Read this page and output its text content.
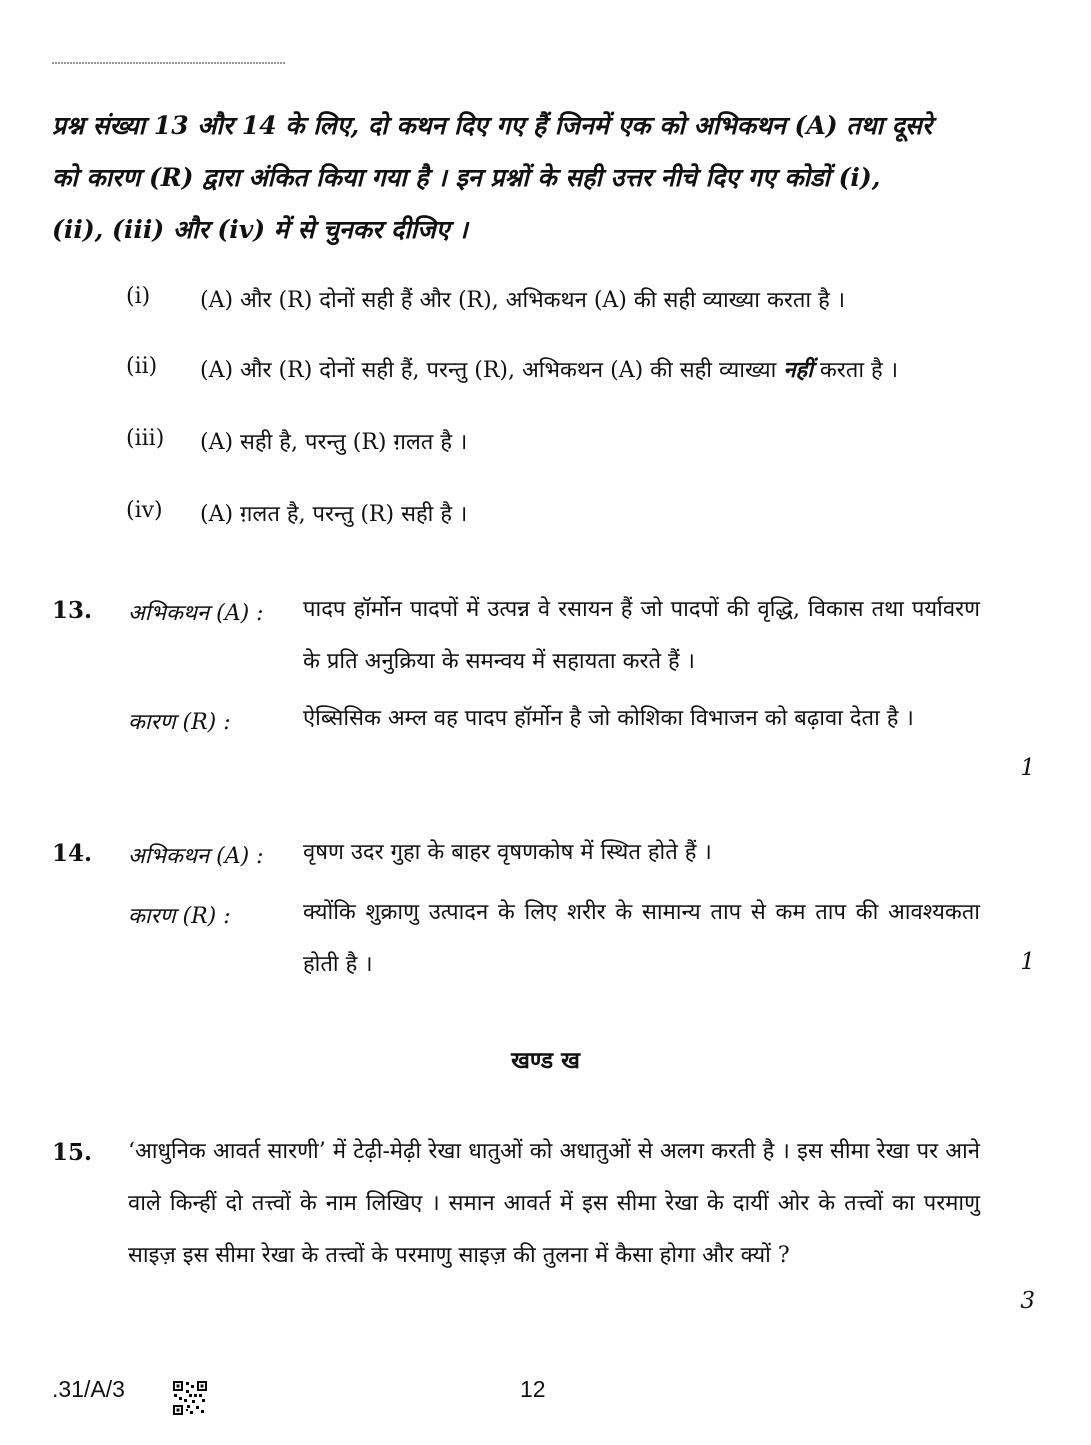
प्रश्न संख्या 13 और 14 के लिए, दो कथन दिए गए हैं जिनमें एक को अभिकथन (A) तथा दूसरे
को कारण (R) द्वारा अंकित किया गया है । इन प्रश्नों के सही उत्तर नीचे दिए गए कोडों (i),
(ii), (iii) और (iv) में से चुनकर दीजिए ।
(i) (A) और (R) दोनों सही हैं और (R), अभिकथन (A) की सही व्याख्या करता है ।
(ii) (A) और (R) दोनों सही हैं, परन्तु (R), अभिकथन (A) की सही व्याख्या नहीं करता है ।
(iii) (A) सही है, परन्तु (R) ग़लत है ।
(iv) (A) ग़लत है, परन्तु (R) सही है ।
13. अभिकथन (A) : पादप हॉर्मोन पादपों में उत्पन्न वे रसायन हैं जो पादपों की वृद्धि, विकास तथा पर्यावरण के प्रति अनुक्रिया के समन्वय में सहायता करते हैं ।
कारण (R) :	ऐब्सिसिक अम्ल वह पादप हॉर्मोन है जो कोशिका विभाजन को बढ़ावा देता है ।
1
14. अभिकथन (A) : वृषण उदर गुहा के बाहर वृषणकोष में स्थित होते हैं ।
कारण (R) :	क्योंकि शुक्राणु उत्पादन के लिए शरीर के सामान्य ताप से कम ताप की आवश्यकता होती है ।	1
खण्ड ख
15. ‘आधुनिक आवर्त सारणी’ में टेढ़ी-मेढ़ी रेखा धातुओं को अधातुओं से अलग करती है । इस सीमा रेखा पर आने वाले किन्हीं दो तत्त्वों के नाम लिखिए । समान आवर्त में इस सीमा रेखा के दायीं ओर के तत्त्वों का परमाणु साइज़ इस सीमा रेखा के तत्त्वों के परमाणु साइज़ की तुलना में कैसा होगा और क्यों ?
3
.31/A/3	12
